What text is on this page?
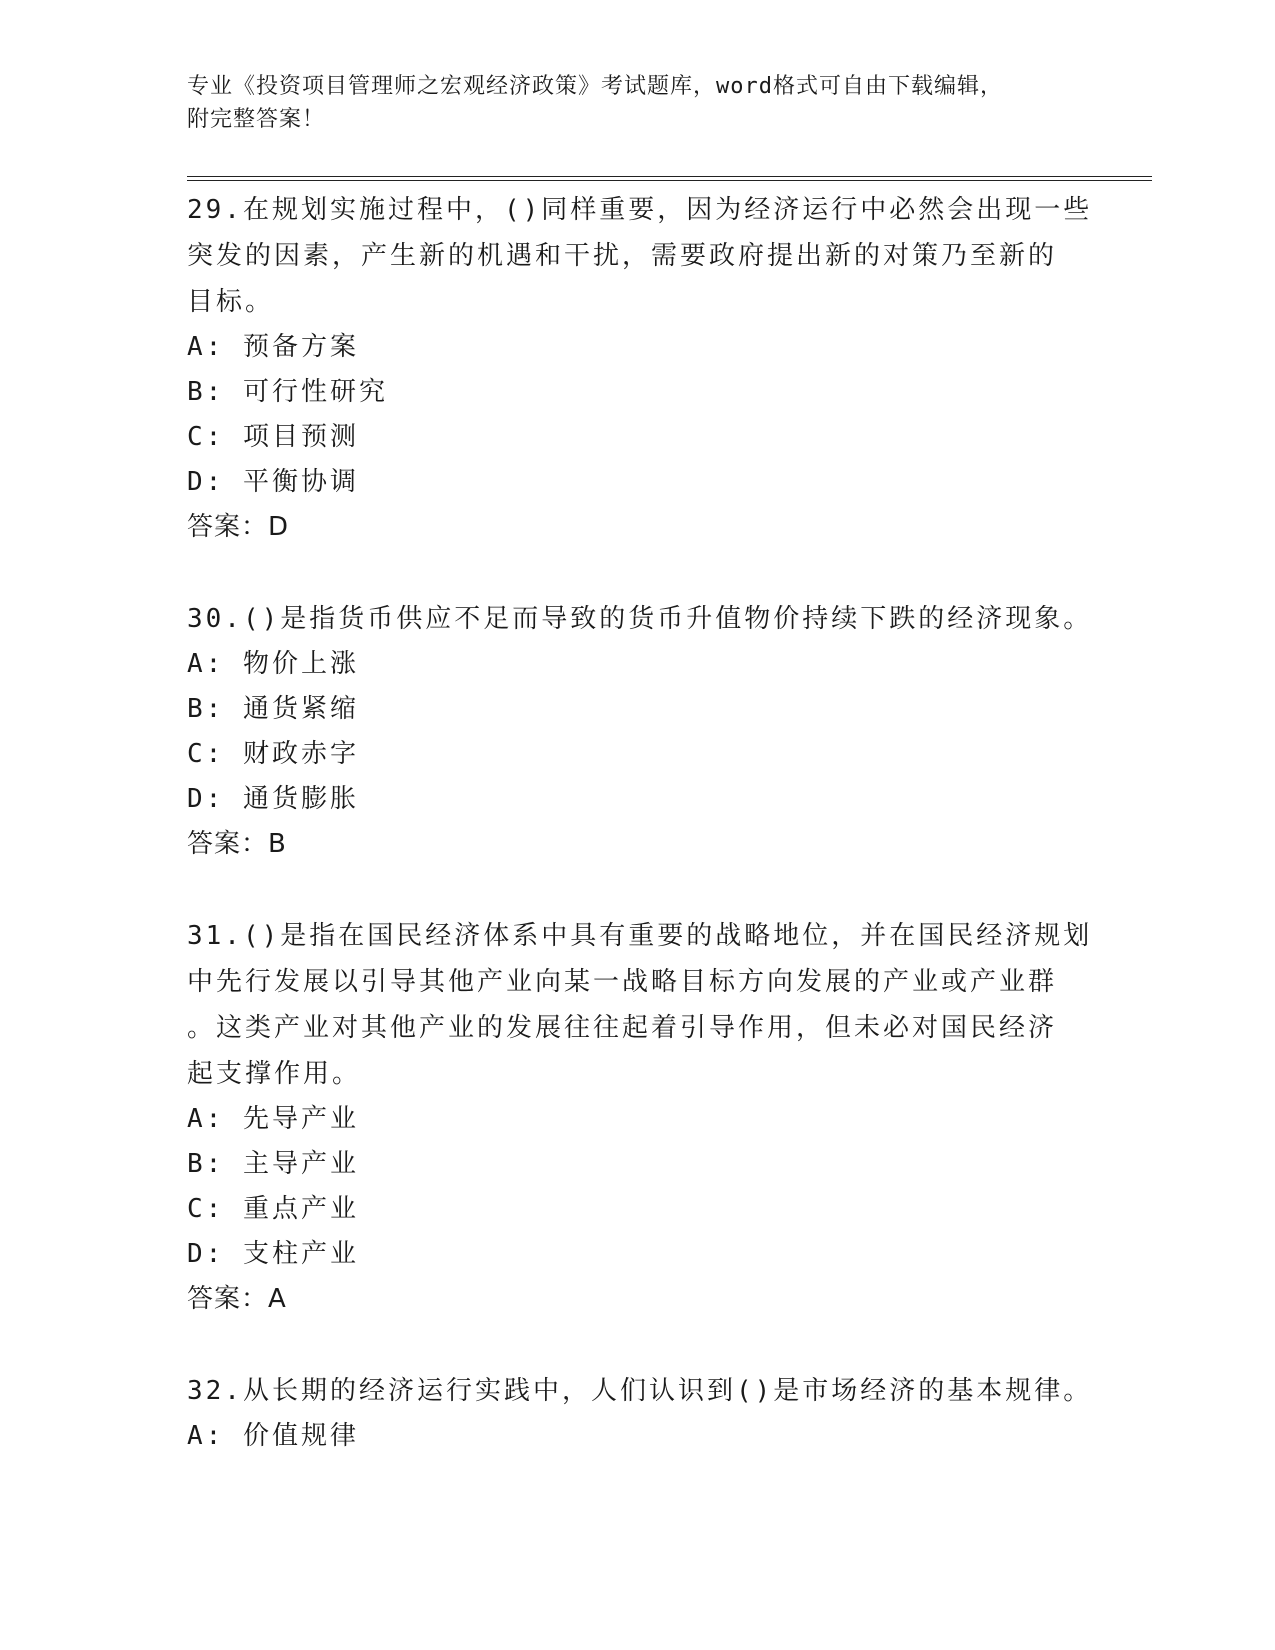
专业《投资项目管理师之宏观经济政策》考试题库，word格式可自由下载编辑，

附完整答案！

29.在规划实施过程中，()同样重要，因为经济运行中必然会出现一些
突发的因素，产生新的机遇和干扰，需要政府提出新的对策乃至新的
目标。

A: 预备方案

B: 可行性研究

C: 项目预测

D: 平衡协调

答案：D

30.()是指货币供应不足而导致的货币升值物价持续下跌的经济现象。

A: 物价上涨

B: 通货紧缩

C: 财政赤字

D: 通货膨胀

答案：B

31.()是指在国民经济体系中具有重要的战略地位，并在国民经济规划
中先行发展以引导其他产业向某一战略目标方向发展的产业或产业群
。这类产业对其他产业的发展往往起着引导作用，但未必对国民经济
起支撑作用。

A: 先导产业

B: 主导产业

C: 重点产业

D: 支柱产业

答案：A

32.从长期的经济运行实践中，人们认识到()是市场经济的基本规律。

A: 价值规律
